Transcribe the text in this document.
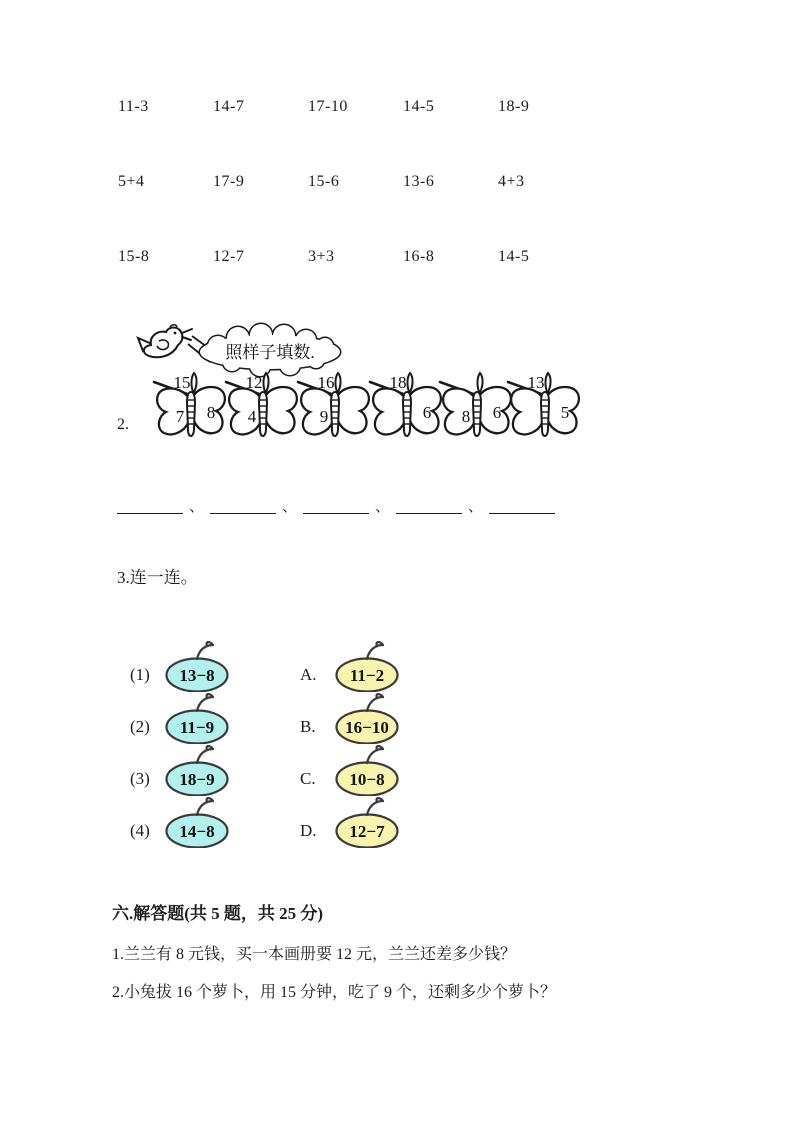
11-3	14-7	17-10	14-5	18-9
5+4	17-9	15-6	13-6	4+3
15-8	12-7	3+3	16-8	14-5
2.
照样子填数.
15
7 8
12
4
16
9
18
6 8 6
13
5
、	、	、	、
3.连一连。
(1)	13−8
(2)	11−9
(3)	18−9
(4)	14−8
A.	11−2
B.	16−10
C.	10−8
D.	12−7
六.解答题(共 5 题，共 25 分)
1.兰兰有 8 元钱，买一本画册要 12 元，兰兰还差多少钱？
2.小兔拔 16 个萝卜，用 15 分钟，吃了 9 个，还剩多少个萝卜？
